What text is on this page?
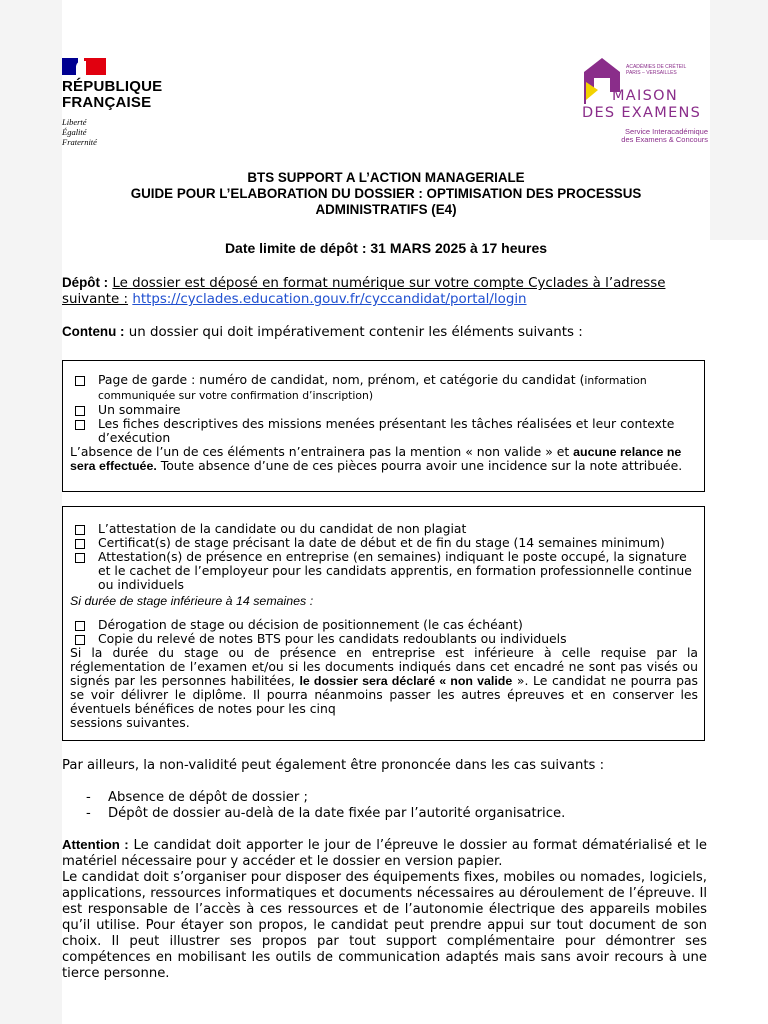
RÉPUBLIQUE
FRANÇAISE
Liberté
Égalité
Fraternité
ACADÉMIES DE CRÉTEIL
PARIS – VERSAILLES
MAISON
DES EXAMENS
Service Interacadémique
des Examens & Concours
BTS SUPPORT A L’ACTION MANAGERIALE
GUIDE POUR L’ELABORATION DU DOSSIER : OPTIMISATION DES PROCESSUS
ADMINISTRATIFS (E4)
Date limite de dépôt : 31 MARS 2025 à 17 heures
Dépôt : Le dossier est déposé en format numérique sur votre compte Cyclades à l’adresse suivante : https://cyclades.education.gouv.fr/cyccandidat/portal/login
Contenu : un dossier qui doit impérativement contenir les éléments suivants :
Page de garde : numéro de candidat, nom, prénom, et catégorie du candidat (information communiquée sur votre confirmation d’inscription)
Un sommaire
Les fiches descriptives des missions menées présentant les tâches réalisées et leur contexte d’exécution
L’absence de l’un de ces éléments n’entrainera pas la mention « non valide » et aucune relance ne sera effectuée. Toute absence d’une de ces pièces pourra avoir une incidence sur la note attribuée.
L’attestation de la candidate ou du candidat de non plagiat
Certificat(s) de stage précisant la date de début et de fin du stage (14 semaines minimum)
Attestation(s) de présence en entreprise (en semaines) indiquant le poste occupé, la signature et le cachet de l’employeur pour les candidats apprentis, en formation professionnelle continue ou individuels
Si durée de stage inférieure à 14 semaines :
Dérogation de stage ou décision de positionnement (le cas échéant)
Copie du relevé de notes BTS pour les candidats redoublants ou individuels
Si la durée du stage ou de présence en entreprise est inférieure à celle requise par la réglementation de l’examen et/ou si les documents indiqués dans cet encadré ne sont pas visés ou signés par les personnes habilitées, le dossier sera déclaré « non valide ». Le candidat ne pourra pas se voir délivrer le diplôme. Il pourra néanmoins passer les autres épreuves et en conserver les éventuels bénéfices de notes pour les cinq
sessions suivantes.
Par ailleurs, la non-validité peut également être prononcée dans les cas suivants :
- Absence de dépôt de dossier ;
- Dépôt de dossier au-delà de la date fixée par l’autorité organisatrice.
Attention : Le candidat doit apporter le jour de l’épreuve le dossier au format dématérialisé et le matériel nécessaire pour y accéder et le dossier en version papier.
Le candidat doit s’organiser pour disposer des équipements fixes, mobiles ou nomades, logiciels, applications, ressources informatiques et documents nécessaires au déroulement de l’épreuve. Il est responsable de l’accès à ces ressources et de l’autonomie électrique des appareils mobiles qu’il utilise. Pour étayer son propos, le candidat peut prendre appui sur tout document de son choix. Il peut illustrer ses propos par tout support complémentaire pour démontrer ses compétences en mobilisant les outils de communication adaptés mais sans avoir recours à une tierce personne.
